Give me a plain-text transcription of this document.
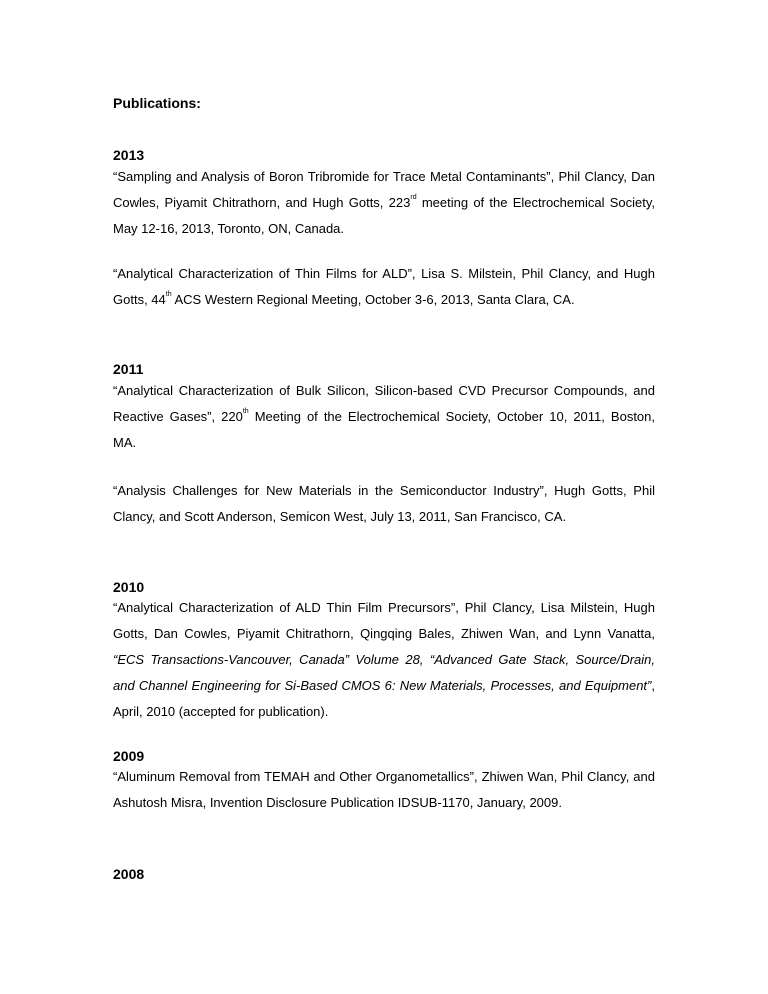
Publications:
2013

“Sampling and Analysis of Boron Tribromide for Trace Metal Contaminants”, Phil Clancy, Dan Cowles, Piyamit Chitrathorn, and Hugh Gotts, 223rd meeting of the Electrochemical Society, May 12-16, 2013, Toronto, ON, Canada.

“Analytical Characterization of Thin Films for ALD”, Lisa S. Milstein, Phil Clancy, and Hugh Gotts, 44th ACS Western Regional Meeting, October 3-6, 2013, Santa Clara, CA.

2011

“Analytical Characterization of Bulk Silicon, Silicon-based CVD Precursor Compounds, and Reactive Gases”, 220th Meeting of the Electrochemical Society, October 10, 2011, Boston, MA.

“Analysis Challenges for New Materials in the Semiconductor Industry”, Hugh Gotts, Phil Clancy, and Scott Anderson, Semicon West, July 13, 2011, San Francisco, CA.

2010

“Analytical Characterization of ALD Thin Film Precursors”, Phil Clancy, Lisa Milstein, Hugh Gotts, Dan Cowles, Piyamit Chitrathorn, Qingqing Bales, Zhiwen Wan, and Lynn Vanatta, “ECS Transactions-Vancouver, Canada” Volume 28, “Advanced Gate Stack, Source/Drain, and Channel Engineering for Si-Based CMOS 6: New Materials, Processes, and Equipment”, April, 2010 (accepted for publication).

2009

“Aluminum Removal from TEMAH and Other Organometallics”, Zhiwen Wan, Phil Clancy, and Ashutosh Misra, Invention Disclosure Publication IDSUB-1170, January, 2009.

2008
